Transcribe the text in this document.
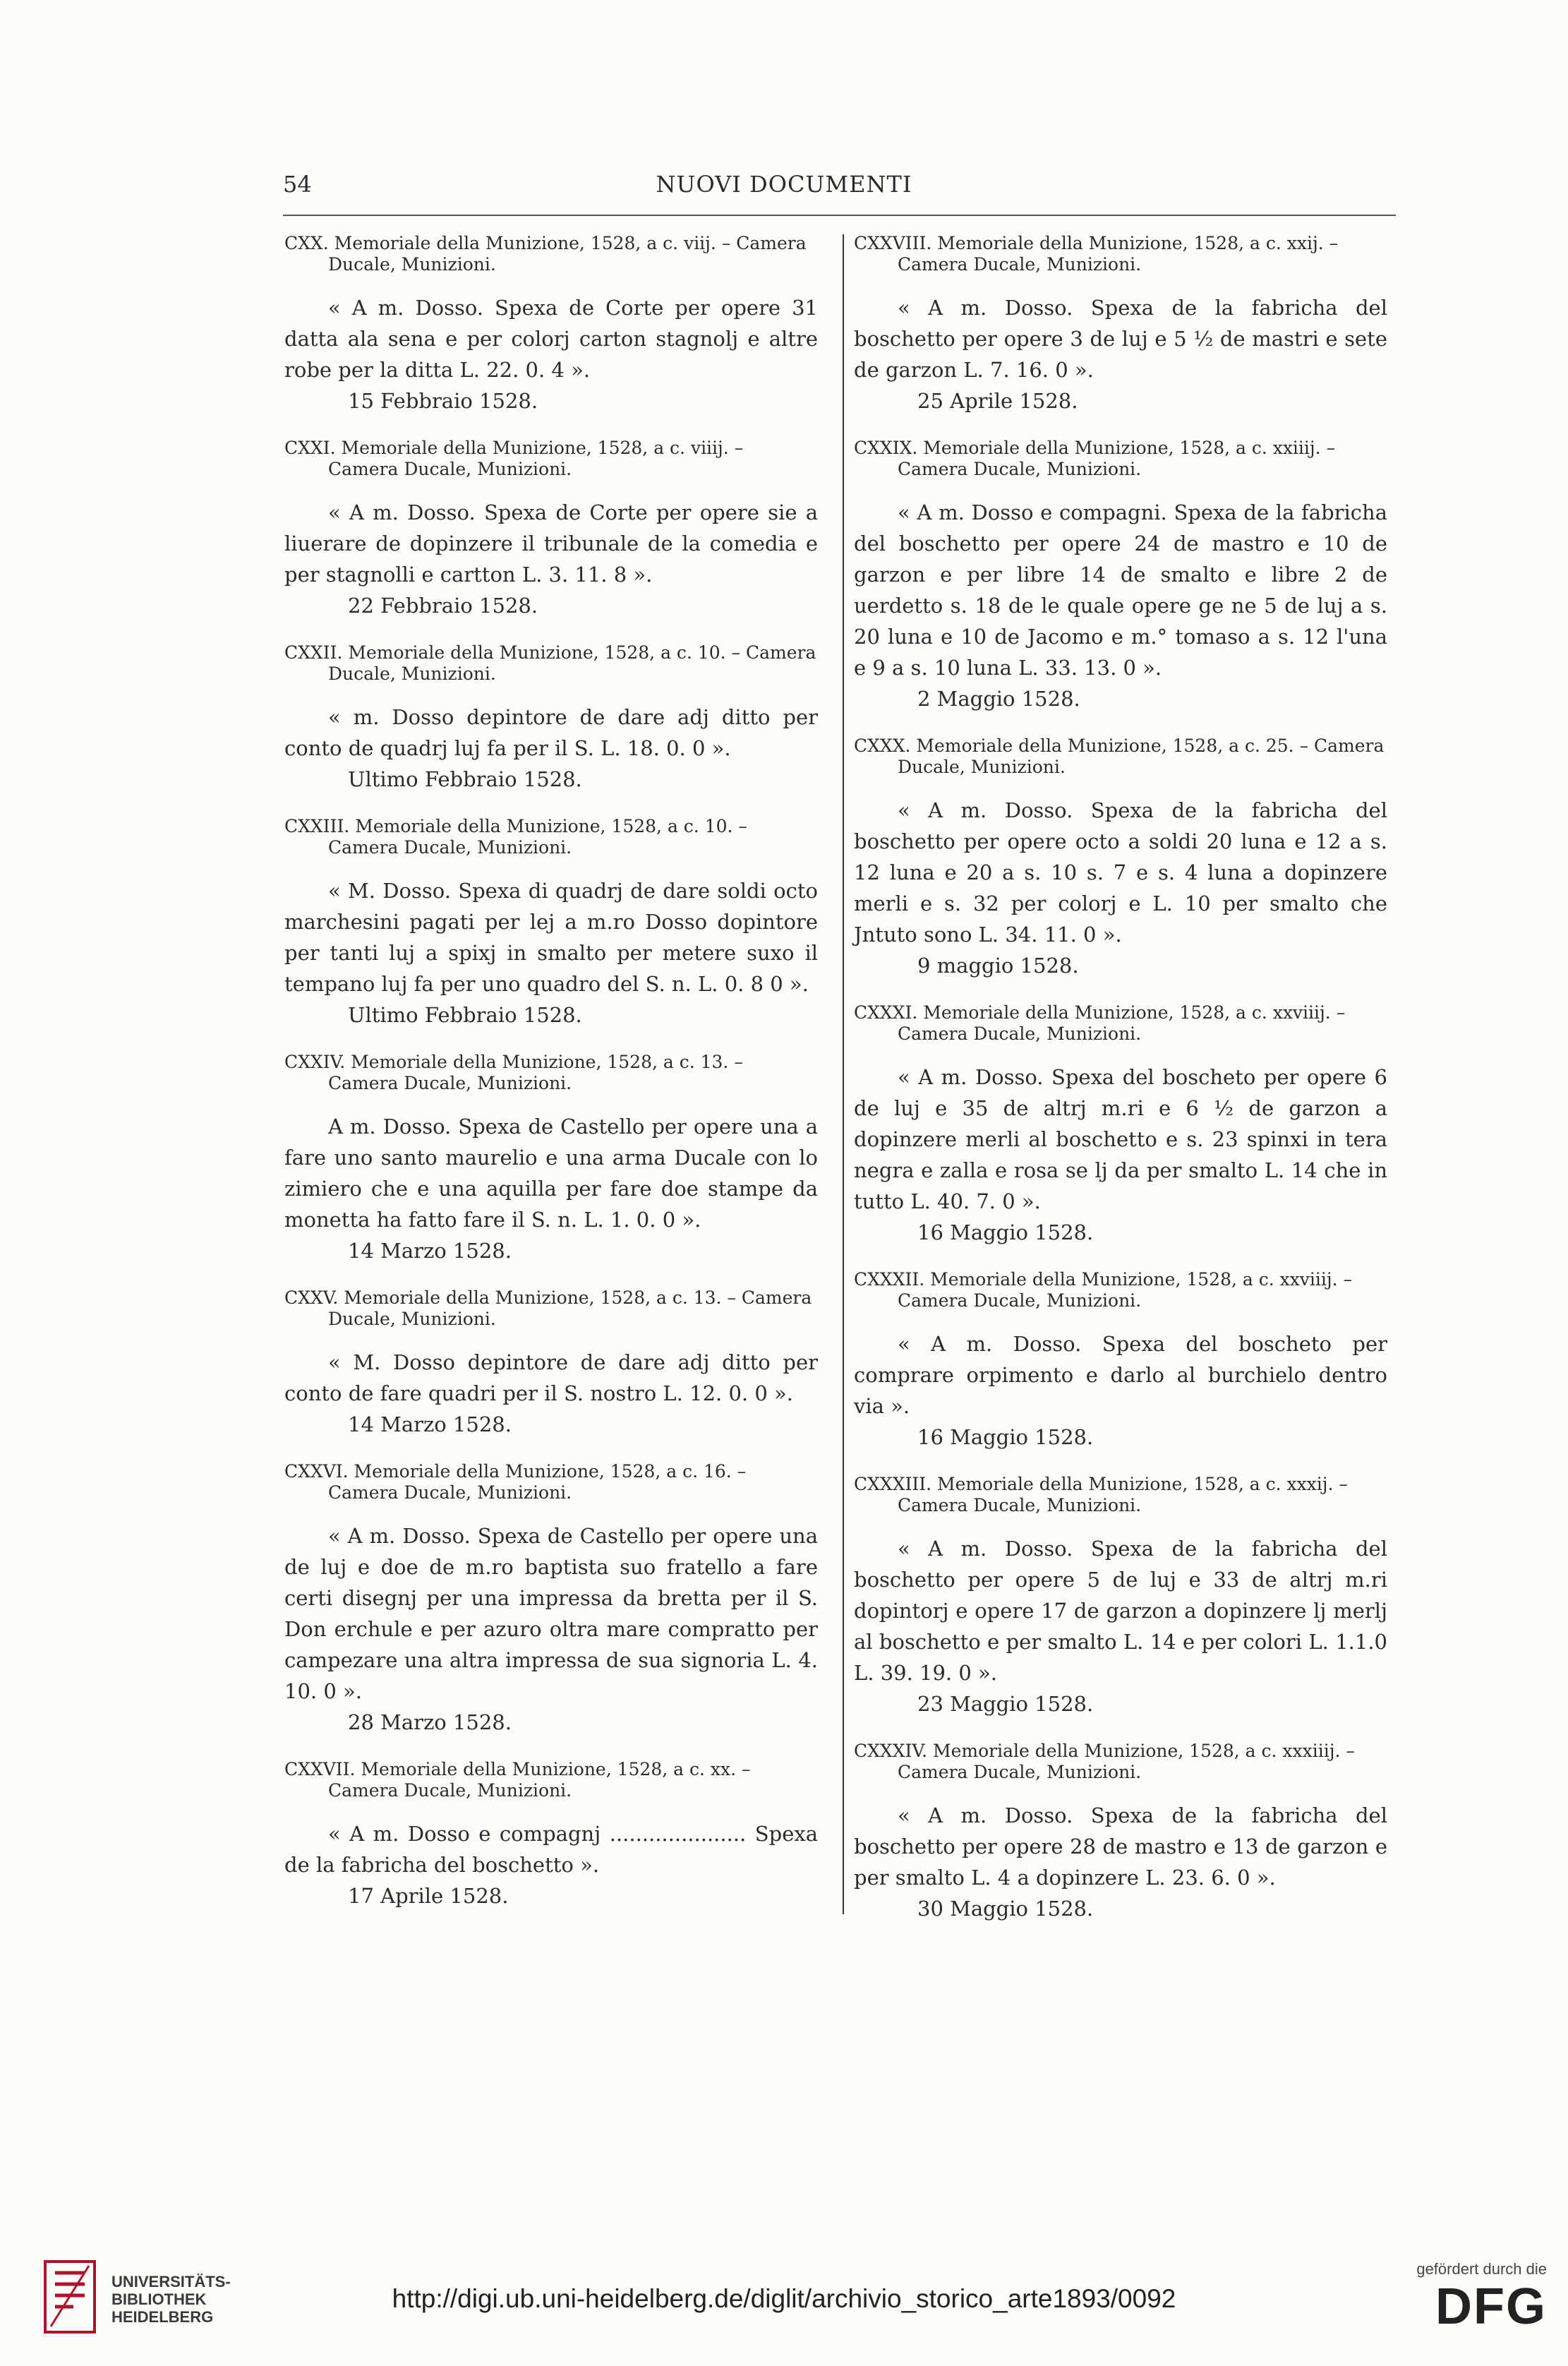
54	NUOVI DOCUMENTI

CXX. Memoriale della Munizione, 1528, a c. viij. – Camera Ducale, Munizioni.

« A m. Dosso. Spexa de Corte per opere 31 datta ala sena e per colorj carton stagnolj e altre robe per la ditta L. 22. 0. 4 ».

15 Febbraio 1528.

CXXI. Memoriale della Munizione, 1528, a c. viiij. – Camera Ducale, Munizioni.

« A m. Dosso. Spexa de Corte per opere sie a liuerare de dopinzere il tribunale de la comedia e per stagnolli e cartton L. 3. 11. 8 ».

22 Febbraio 1528.

CXXII. Memoriale della Munizione, 1528, a c. 10. – Camera Ducale, Munizioni.

« m. Dosso depintore de dare adj ditto per conto de quadrj luj fa per il S. L. 18. 0. 0 ».

Ultimo Febbraio 1528.

CXXIII. Memoriale della Munizione, 1528, a c. 10. – Camera Ducale, Munizioni.

« M. Dosso. Spexa di quadrj de dare soldi octo marchesini pagati per lej a m.ro Dosso dopintore per tanti luj a spixj in smalto per metere suxo il tempano luj fa per uno quadro del S. n. L. 0. 8 0 ».

Ultimo Febbraio 1528.

CXXIV. Memoriale della Munizione, 1528, a c. 13. – Camera Ducale, Munizioni.

A m. Dosso. Spexa de Castello per opere una a fare uno santo maurelio e una arma Ducale con lo zimiero che e una aquilla per fare doe stampe da monetta ha fatto fare il S. n. L. 1. 0. 0 ».

14 Marzo 1528.

CXXV. Memoriale della Munizione, 1528, a c. 13. – Camera Ducale, Munizioni.

« M. Dosso depintore de dare adj ditto per conto de fare quadri per il S. nostro L. 12. 0. 0 ».

14 Marzo 1528.

CXXVI. Memoriale della Munizione, 1528, a c. 16. – Camera Ducale, Munizioni.

« A m. Dosso. Spexa de Castello per opere una de luj e doe de m.ro baptista suo fratello a fare certi disegnj per una impressa da bretta per il S. Don erchule e per azuro oltra mare compratto per campezare una altra impressa de sua signoria L. 4. 10. 0 ».

28 Marzo 1528.

CXXVII. Memoriale della Munizione, 1528, a c. xx. – Camera Ducale, Munizioni.

« A m. Dosso e compagnj ..................... Spexa de la fabricha del boschetto ».

17 Aprile 1528.

CXXVIII. Memoriale della Munizione, 1528, a c. xxij. – Camera Ducale, Munizioni.

« A m. Dosso. Spexa de la fabricha del boschetto per opere 3 de luj e 5 ½ de mastri e sete de garzon L. 7. 16. 0 ».

25 Aprile 1528.

CXXIX. Memoriale della Munizione, 1528, a c. xxiiij. – Camera Ducale, Munizioni.

« A m. Dosso e compagni. Spexa de la fabricha del boschetto per opere 24 de mastro e 10 de garzon e per libre 14 de smalto e libre 2 de uerdetto s. 18 de le quale opere ge ne 5 de luj a s. 20 luna e 10 de Jacomo e m.° tomaso a s. 12 l'una e 9 a s. 10 luna L. 33. 13. 0 ».

2 Maggio 1528.

CXXX. Memoriale della Munizione, 1528, a c. 25. – Camera Ducale, Munizioni.

« A m. Dosso. Spexa de la fabricha del boschetto per opere octo a soldi 20 luna e 12 a s. 12 luna e 20 a s. 10 s. 7 e s. 4 luna a dopinzere merli e s. 32 per colorj e L. 10 per smalto che Jntuto sono L. 34. 11. 0 ».

9 maggio 1528.

CXXXI. Memoriale della Munizione, 1528, a c. xxviiij. – Camera Ducale, Munizioni.

« A m. Dosso. Spexa del boscheto per opere 6 de luj e 35 de altrj m.ri e 6 ½ de garzon a dopinzere merli al boschetto e s. 23 spinxi in tera negra e zalla e rosa se lj da per smalto L. 14 che in tutto L. 40. 7. 0 ».

16 Maggio 1528.

CXXXII. Memoriale della Munizione, 1528, a c. xxviiij. – Camera Ducale, Munizioni.

« A m. Dosso. Spexa del boscheto per comprare orpimento e darlo al burchielo dentro via ».

16 Maggio 1528.

CXXXIII. Memoriale della Munizione, 1528, a c. xxxij. – Camera Ducale, Munizioni.

« A m. Dosso. Spexa de la fabricha del boschetto per opere 5 de luj e 33 de altrj m.ri dopintorj e opere 17 de garzon a dopinzere lj merlj al boschetto e per smalto L. 14 e per colori L. 1.1.0 L. 39. 19. 0 ».

23 Maggio 1528.

CXXXIV. Memoriale della Munizione, 1528, a c. xxxiiij. – Camera Ducale, Munizioni.

« A m. Dosso. Spexa de la fabricha del boschetto per opere 28 de mastro e 13 de garzon e per smalto L. 4 a dopinzere L. 23. 6. 0 ».

30 Maggio 1528.

UNIVERSITÄTS-
BIBLIOTHEK
HEIDELBERG
http://digi.ub.uni-heidelberg.de/diglit/archivio_storico_arte1893/0092
gefördert durch die
DFG
